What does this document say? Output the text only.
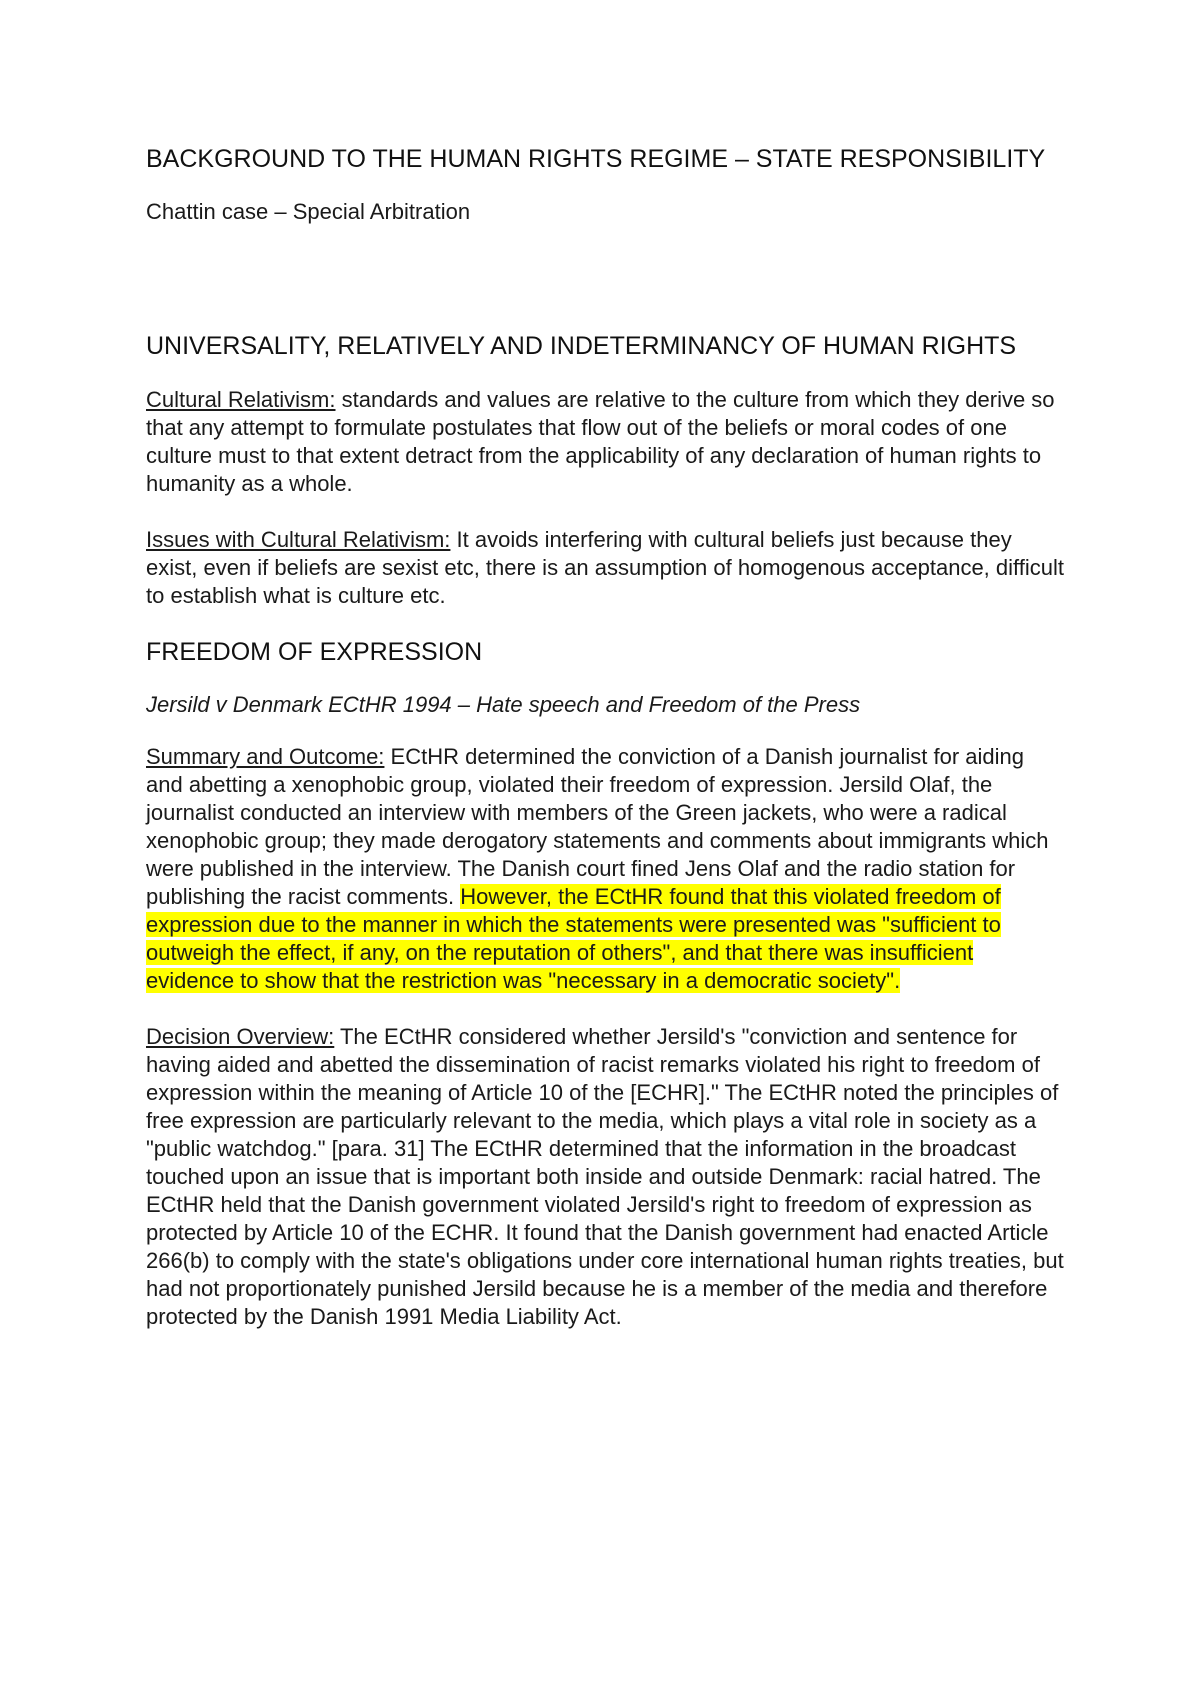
BACKGROUND TO THE HUMAN RIGHTS REGIME – STATE RESPONSIBILITY

Chattin case – Special Arbitration

UNIVERSALITY, RELATIVELY AND INDETERMINANCY OF HUMAN RIGHTS

Cultural Relativism: standards and values are relative to the culture from which they derive so that any attempt to formulate postulates that flow out of the beliefs or moral codes of one culture must to that extent detract from the applicability of any declaration of human rights to humanity as a whole.

Issues with Cultural Relativism: It avoids interfering with cultural beliefs just because they exist, even if beliefs are sexist etc, there is an assumption of homogenous acceptance, difficult to establish what is culture etc.

FREEDOM OF EXPRESSION

Jersild v Denmark ECtHR 1994 – Hate speech and Freedom of the Press

Summary and Outcome: ECtHR determined the conviction of a Danish journalist for aiding and abetting a xenophobic group, violated their freedom of expression. Jersild Olaf, the journalist conducted an interview with members of the Green jackets, who were a radical xenophobic group; they made derogatory statements and comments about immigrants which were published in the interview. The Danish court fined Jens Olaf and the radio station for publishing the racist comments. However, the ECtHR found that this violated freedom of expression due to the manner in which the statements were presented was "sufficient to outweigh the effect, if any, on the reputation of others", and that there was insufficient evidence to show that the restriction was "necessary in a democratic society".

Decision Overview: The ECtHR considered whether Jersild's "conviction and sentence for having aided and abetted the dissemination of racist remarks violated his right to freedom of expression within the meaning of Article 10 of the [ECHR]." The ECtHR noted the principles of free expression are particularly relevant to the media, which plays a vital role in society as a "public watchdog." [para. 31] The ECtHR determined that the information in the broadcast touched upon an issue that is important both inside and outside Denmark: racial hatred. The ECtHR held that the Danish government violated Jersild's right to freedom of expression as protected by Article 10 of the ECHR. It found that the Danish government had enacted Article 266(b) to comply with the state's obligations under core international human rights treaties, but had not proportionately punished Jersild because he is a member of the media and therefore protected by the Danish 1991 Media Liability Act.
